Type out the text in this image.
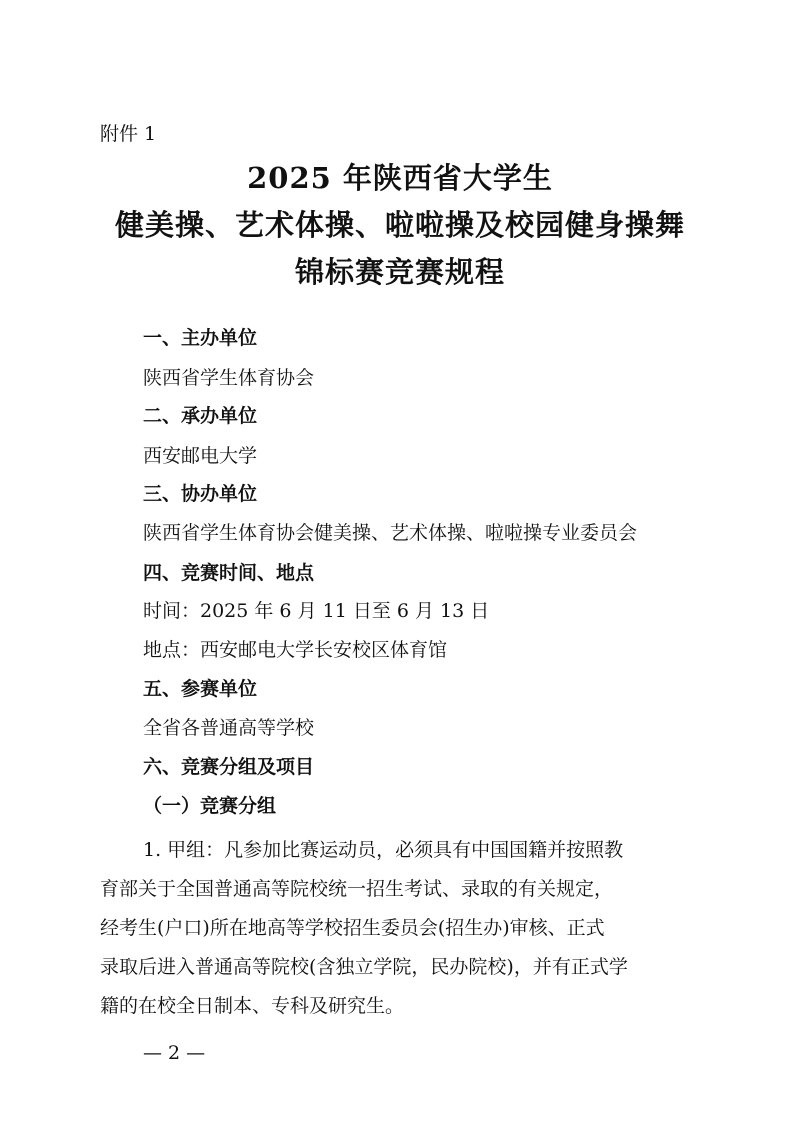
附件 1
2025 年陕西省大学生
健美操、艺术体操、啦啦操及校园健身操舞
锦标赛竞赛规程
一、主办单位
陕西省学生体育协会
二、承办单位
西安邮电大学
三、协办单位
陕西省学生体育协会健美操、艺术体操、啦啦操专业委员会
四、竞赛时间、地点
时间：2025 年 6 月 11 日至 6 月 13 日
地点：西安邮电大学长安校区体育馆
五、参赛单位
全省各普通高等学校
六、竞赛分组及项目
（一）竞赛分组
1. 甲组：凡参加比赛运动员，必须具有中国国籍并按照教
育部关于全国普通高等院校统一招生考试、录取的有关规定，
经考生(户口)所在地高等学校招生委员会(招生办)审核、正式
录取后进入普通高等院校(含独立学院，民办院校)，并有正式学
籍的在校全日制本、专科及研究生。
— 2 —
